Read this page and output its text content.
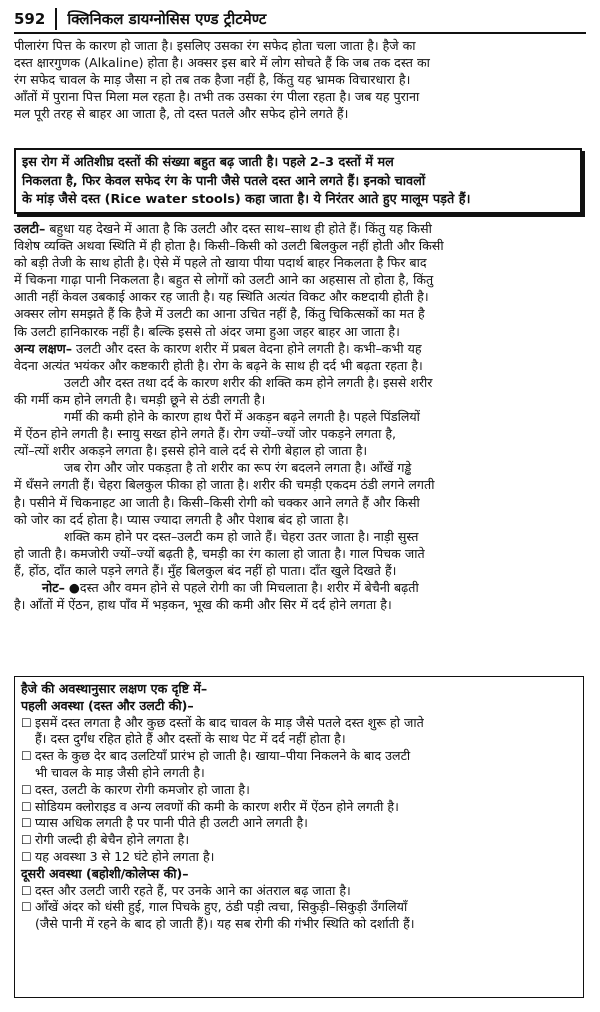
592 क्लिनिकल डायग्नोसिस एण्ड ट्रीटमेण्ट

पीलारंग पित्त के कारण हो जाता है। इसलिए उसका रंग सफेद होता चला जाता है। हैजे का

दस्त क्षारगुणक (Alkaline) होता है। अक्सर इस बारे में लोग सोचते हैं कि जब तक दस्त का

रंग सफेद चावल के माड़ जैसा न हो तब तक हैजा नहीं है, किंतु यह भ्रामक विचारधारा है।

आँतों में पुराना पित्त मिला मल रहता है। तभी तक उसका रंग पीला रहता है। जब यह पुराना

मल पूरी तरह से बाहर आ जाता है, तो दस्त पतले और सफेद होने लगते हैं।

इस रोग में अतिशीघ्र दस्तों की संख्या बहुत बढ़ जाती है। पहले 2–3 दस्तों में मल
निकलता है, फिर केवल सफेद रंग के पानी जैसे पतले दस्त आने लगते हैं। इनको चावलों
के मांड़ जैसे दस्त (Rice water stools) कहा जाता है। ये निरंतर आते हुए मालूम पड़ते हैं।

उलटी– बहुधा यह देखने में आता है कि उलटी और दस्त साथ–साथ ही होते हैं। किंतु यह किसी

विशेष व्यक्ति अथवा स्थिति में ही होता है। किसी–किसी को उलटी बिलकुल नहीं होती और किसी

को बड़ी तेजी के साथ होती है। ऐसे में पहले तो खाया पीया पदार्थ बाहर निकलता है फिर बाद

में चिकना गाढ़ा पानी निकलता है। बहुत से लोगों को उलटी आने का अहसास तो होता है, किंतु

आती नहीं केवल उबकाई आकर रह जाती है। यह स्थिति अत्यंत विकट और कष्टदायी होती है।

अक्सर लोग समझते हैं कि हैजे में उलटी का आना उचित नहीं है, किंतु चिकित्सकों का मत है

कि उलटी हानिकारक नहीं है। बल्कि इससे तो अंदर जमा हुआ जहर बाहर आ जाता है।

अन्य लक्षण– उलटी और दस्त के कारण शरीर में प्रबल वेदना होने लगती है। कभी–कभी यह

वेदना अत्यंत भयंकर और कष्टकारी होती है। रोग के बढ़ने के साथ ही दर्द भी बढ़ता रहता है।

उलटी और दस्त तथा दर्द के कारण शरीर की शक्ति कम होने लगती है। इससे शरीर

की गर्मी कम होने लगती है। चमड़ी छूने से ठंडी लगती है।

गर्मी की कमी होने के कारण हाथ पैरों में अकड़न बढ़ने लगती है। पहले पिंडलियों

में ऐंठन होने लगती है। स्नायु सख्त होने लगते हैं। रोग ज्यों–ज्यों जोर पकड़ने लगता है,

त्यों–त्यों शरीर अकड़ने लगता है। इससे होने वाले दर्द से रोगी बेहाल हो जाता है।

जब रोग और जोर पकड़ता है तो शरीर का रूप रंग बदलने लगता है। आँखें गड्ढे

में धँसने लगती हैं। चेहरा बिलकुल फीका हो जाता है। शरीर की चमड़ी एकदम ठंडी लगने लगती

है। पसीने में चिकनाहट आ जाती है। किसी–किसी रोगी को चक्कर आने लगते हैं और किसी

को जोर का दर्द होता है। प्यास ज्यादा लगती है और पेशाब बंद हो जाता है।

शक्ति कम होने पर दस्त–उलटी कम हो जाते हैं। चेहरा उतर जाता है। नाड़ी सुस्त

हो जाती है। कमजोरी ज्यों–ज्यों बढ़ती है, चमड़ी का रंग काला हो जाता है। गाल पिचक जाते

हैं, होंठ, दाँत काले पड़ने लगते हैं। मुँह बिलकुल बंद नहीं हो पाता। दाँत खुले दिखते हैं।

नोट– ●दस्त और वमन होने से पहले रोगी का जी मिचलाता है। शरीर में बेचैनी बढ़ती

है। आँतों में ऐंठन, हाथ पाँव में भड़कन, भूख की कमी और सिर में दर्द होने लगता है।

हैजे की अवस्थानुसार लक्षण एक दृष्टि में–
पहली अवस्था (दस्त और उलटी की)–
☐ इसमें दस्त लगता है और कुछ दस्तों के बाद चावल के माड़ जैसे पतले दस्त शुरू हो जाते
हैं। दस्त दुर्गंध रहित होते हैं और दस्तों के साथ पेट में दर्द नहीं होता है।
☐ दस्त के कुछ देर बाद उलटियाँ प्रारंभ हो जाती है। खाया–पीया निकलने के बाद उलटी
भी चावल के माड़ जैसी होने लगती है।
☐ दस्त, उलटी के कारण रोगी कमजोर हो जाता है।
☐ सोडियम क्लोराइड व अन्य लवणों की कमी के कारण शरीर में ऐंठन होने लगती है।
☐ प्यास अधिक लगती है पर पानी पीते ही उलटी आने लगती है।
☐ रोगी जल्दी ही बेचैन होने लगता है।
☐ यह अवस्था 3 से 12 घंटे होने लगता है।
दूसरी अवस्था (बहोशी/कोलेप्स की)–
☐ दस्त और उलटी जारी रहते हैं, पर उनके आने का अंतराल बढ़ जाता है।
☐ आँखें अंदर को धंसी हुई, गाल पिचके हुए, ठंडी पड़ी त्वचा, सिकुड़ी–सिकुड़ी उँगलियाँ
(जैसे पानी में रहने के बाद हो जाती हैं)। यह सब रोगी की गंभीर स्थिति को दर्शाती हैं।
